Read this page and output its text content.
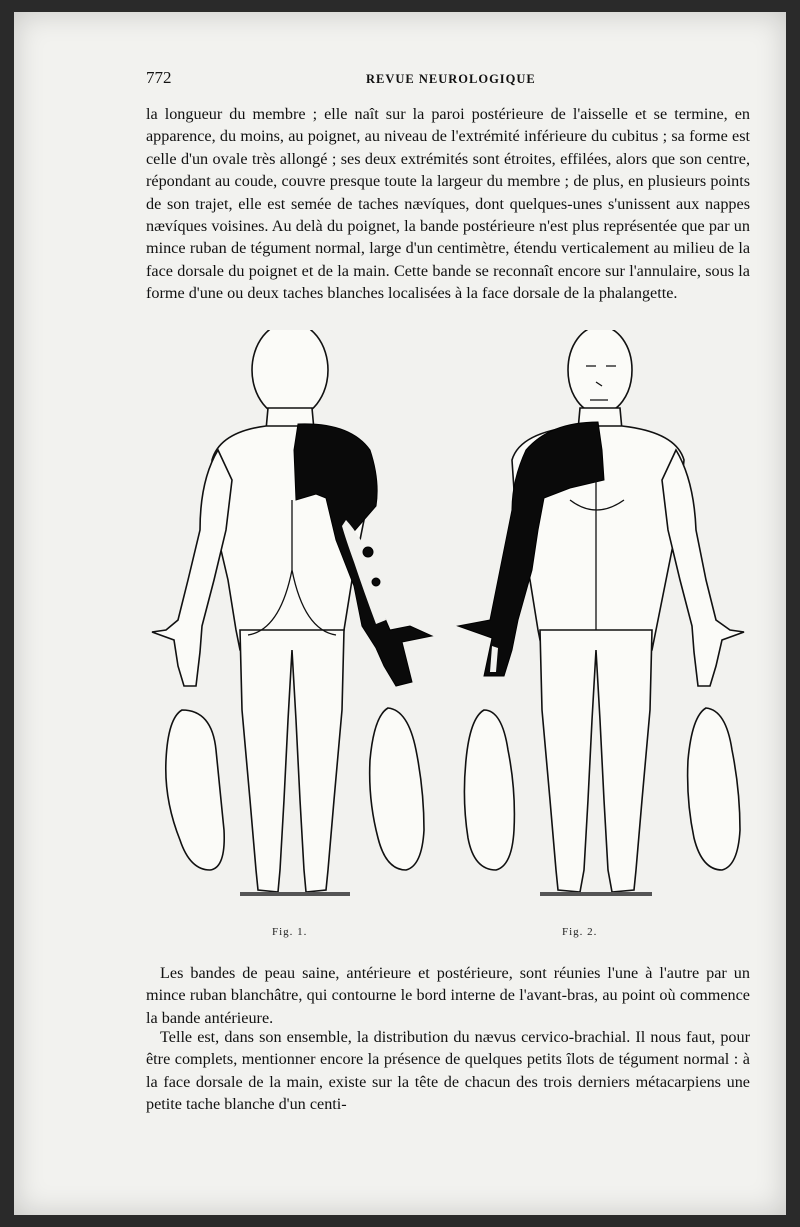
772	REVUE NEUROLOGIQUE

la longueur du membre ; elle naît sur la paroi postérieure de l'aisselle et se termine, en apparence, du moins, au poignet, au niveau de l'extrémité inférieure du cubitus ; sa forme est celle d'un ovale très allongé ; ses deux extrémités sont étroites, effilées, alors que son centre, répondant au coude, couvre presque toute la largeur du membre ; de plus, en plusieurs points de son trajet, elle est semée de taches nævíques, dont quelques-unes s'unissent aux nappes nævíques voisines. Au delà du poignet, la bande postérieure n'est plus représentée que par un mince ruban de tégument normal, large d'un centimètre, étendu verticalement au milieu de la face dorsale du poignet et de la main. Cette bande se reconnaît encore sur l'annulaire, sous la forme d'une ou deux taches blanches localisées à la face dorsale de la phalangette.

Fig. 1.	Fig. 2.

Les bandes de peau saine, antérieure et postérieure, sont réunies l'une à l'autre par un mince ruban blanchâtre, qui contourne le bord interne de l'avant-bras, au point où commence la bande antérieure.

Telle est, dans son ensemble, la distribution du nævus cervico-brachial. Il nous faut, pour être complets, mentionner encore la présence de quelques petits îlots de tégument normal : à la face dorsale de la main, existe sur la tête de chacun des trois derniers métacarpiens une petite tache blanche d'un centi-
